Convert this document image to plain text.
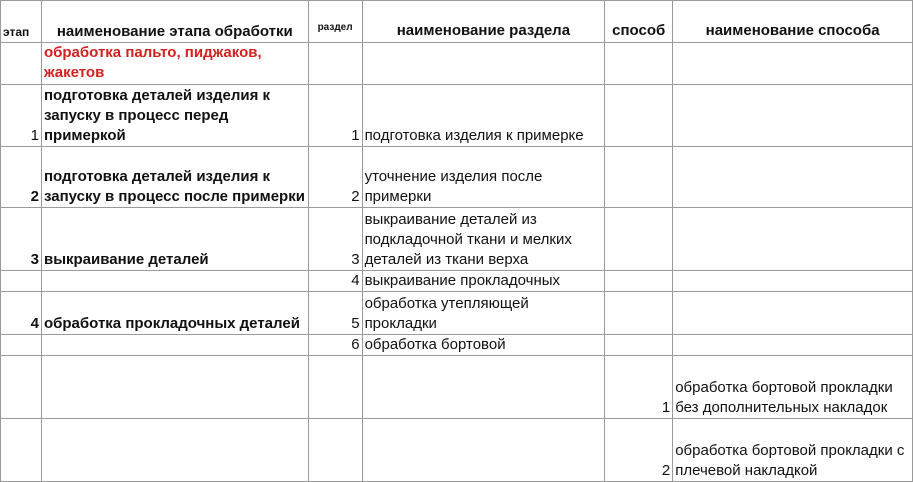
этап	наименование этапа обработки	раздел	наименование раздела	способ	наименование способа
	обработка пальто, пиджаков, жакетов				
1	подготовка деталей изделия к запуску в процесс перед примеркой	1	подготовка изделия к примерке		
2	подготовка деталей изделия к запуску в процесс после примерки	2	уточнение изделия после примерки		
3	выкраивание деталей	3	выкраивание деталей из подкладочной ткани и мелких деталей из ткани верха		
		4	выкраивание прокладочных		
4	обработка прокладочных деталей	5	обработка утепляющей прокладки		
		6	обработка бортовой		
				1	обработка бортовой прокладки без дополнительных накладок
				2	обработка бортовой прокладки с плечевой накладкой
